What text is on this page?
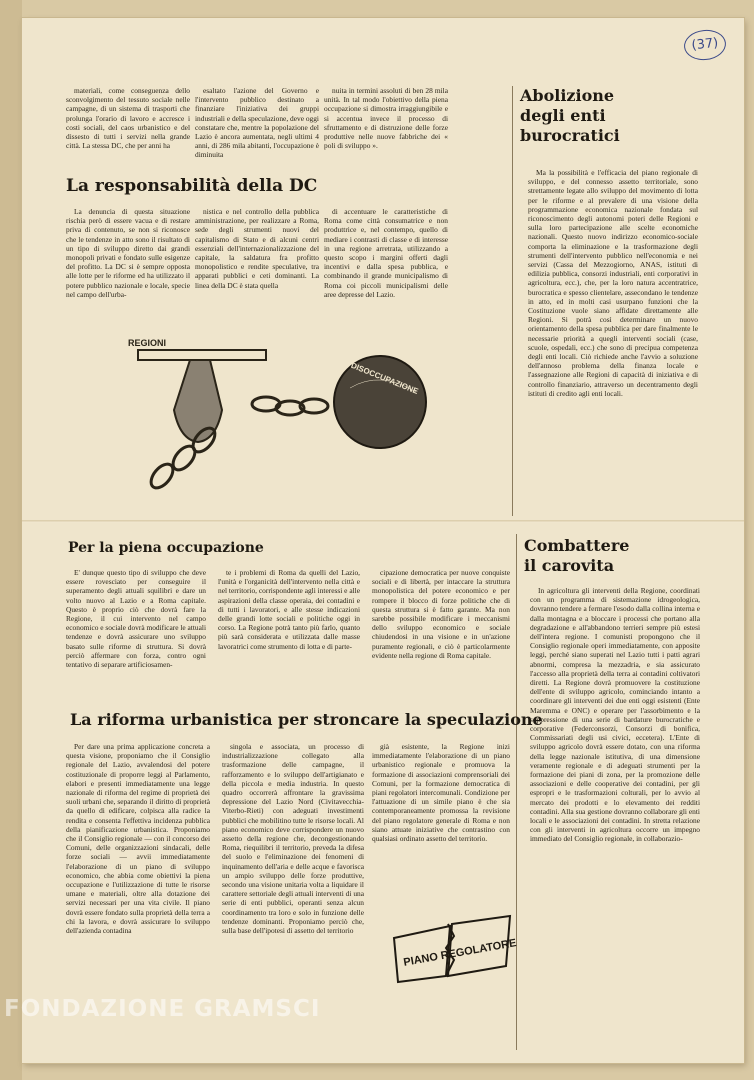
(37)

materiali, come conseguenza dello sconvolgimento del tessuto sociale nelle campagne, di un sistema di trasporti che prolunga l'orario di lavoro e accresce i costi sociali, del caos urbanistico e del dissesto di tutti i servizi nella grande città. La stessa DC, che per anni ha

esaltato l'azione del Governo e l'intervento pubblico destinato a finanziare l'iniziativa dei gruppi industriali e della speculazione, deve oggi constatare che, mentre la popolazione del Lazio è ancora aumentata, negli ultimi 4 anni, di 286 mila abitanti, l'occupazione è diminuita

nuita in termini assoluti di ben 28 mila unità. In tal modo l'obiettivo della piena occupazione si dimostra irraggiungibile e si accentua invece il processo di sfruttamento e di distruzione delle forze produttive nelle nuove fabbriche dei « poli di sviluppo ».

La responsabilità della DC

La denuncia di questa situazione rischia però di essere vacua e di restare priva di contenuto, se non si riconosce che le tendenze in atto sono il risultato di un tipo di sviluppo diretto dai grandi monopoli privati e fondato sulle esigenze del profitto. La DC si è sempre opposta alle lotte per le riforme ed ha utilizzato il potere pubblico nazionale e locale, specie nel campo dell'urba-

nistica e nel controllo della pubblica amministrazione, per realizzare a Roma, sede degli strumenti nuovi del capitalismo di Stato e di alcuni centri essenziali dell'internazionalizzazione del capitale, la saldatura fra profitto monopolistico e rendite speculative, tra apparati pubblici e ceti dominanti. La linea della DC è stata quella

di accentuare le caratteristiche di Roma come città consumatrice e non produttrice e, nel contempo, quello di mediare i contrasti di classe e di interesse in una regione arretrata, utilizzando a questo scopo i margini offerti dagli incentivi e dalla spesa pubblica, e combinando il grande municipalismo di Roma coi piccoli municipalismi delle aree depresse del Lazio.

REGIONI
DISOCCUPAZIONE
Abolizione
degli enti
burocratici

Ma la possibilità e l'efficacia del piano regionale di sviluppo, e del connesso assetto territoriale, sono strettamente legate allo sviluppo del movimento di lotta per le riforme e al prevalere di una visione della programmazione economica nazionale fondata sul riconoscimento degli autonomi poteri delle Regioni e sulla loro partecipazione alle scelte economiche nazionali. Questo nuovo indirizzo economico-sociale comporta la eliminazione e la trasformazione degli strumenti dell'intervento pubblico nell'economia e nei servizi (Cassa del Mezzogiorno, ANAS, istituti di edilizia pubblica, consorzi industriali, enti corporativi in agricoltura, ecc.), che, per la loro natura accentratrice, burocratica e spesso clientelare, assecondano le tendenze in atto, ed in molti casi usurpano funzioni che la Costituzione vuole siano affidate direttamente alle Regioni. Si potrà così determinare un nuovo orientamento della spesa pubblica per dare finalmente le necessarie priorità a quegli interventi sociali (case, scuole, ospedali, ecc.) che sono di precipua competenza degli enti locali. Ciò richiede anche l'avvio a soluzione dell'annoso problema della finanza locale e l'assegnazione alle Regioni di capacità di iniziativa e di controllo finanziario, attraverso un decentramento degli istituti di credito agli enti locali.

Per la piena occupazione

E' dunque questo tipo di sviluppo che deve essere rovesciato per conseguire il superamento degli attuali squilibri e dare un volto nuovo al Lazio e a Roma capitale. Questo è proprio ciò che dovrà fare la Regione, il cui intervento nel campo economico e sociale dovrà modificare le attuali tendenze e dovrà assicurare uno sviluppo basato sulle riforme di struttura. Si dovrà perciò affermare con forza, contro ogni tentativo di separare artificiosamen-

te i problemi di Roma da quelli del Lazio, l'unità e l'organicità dell'intervento nella città e nel territorio, corrispondente agli interessi e alle aspirazioni della classe operaia, dei contadini e di tutti i lavoratori, e alle stesse indicazioni delle grandi lotte sociali e politiche oggi in corso. La Regione potrà tanto più farlo, quanto più sarà considerata e utilizzata dalle masse lavoratrici come strumento di lotta e di parte-

cipazione democratica per nuove conquiste sociali e di libertà, per intaccare la struttura monopolistica del potere economico e per rompere il blocco di forze politiche che di questa struttura si è fatto garante. Ma non sarebbe possibile modificare i meccanismi dello sviluppo economico e sociale chiudendosi in una visione e in un'azione puramente regionali, e ciò è particolarmente evidente nella regione di Roma capitale.

Combattere
il carovita

In agricoltura gli interventi della Regione, coordinati con un programma di sistemazione idrogeologica, dovranno tendere a fermare l'esodo dalla collina interna e dalla montagna e a bloccare i processi che portano alla degradazione e all'abbandono terrieri sempre più estesi dell'intera regione. I comunisti propongono che il Consiglio regionale operi immediatamente, con apposite leggi, perché siano superati nel Lazio tutti i patti agrari abnormi, compresa la mezzadria, e sia assicurato l'accesso alla proprietà della terra ai contadini coltivatori diretti. La Regione dovrà promuovere la costituzione dell'ente di sviluppo agricolo, cominciando intanto a coordinare gli interventi dei due enti oggi esistenti (Ente Maremma e ONC) e operare per l'assorbimento e la soppressione di una serie di bardature burocratiche e corporative (Federconsorzi, Consorzi di bonifica, Commissariati degli usi civici, eccetera). L'Ente di sviluppo agricolo dovrà essere dotato, con una riforma della legge nazionale istitutiva, di una dimensione veramente regionale e di adeguati strumenti per la formazione dei piani di zona, per la promozione delle associazioni e delle cooperative dei contadini, per gli espropri e le trasformazioni colturali, per lo avvio al mercato dei prodotti e lo elevamento dei redditi contadini. Alla sua gestione dovranno collaborare gli enti locali e le associazioni dei contadini. In stretta relazione con gli interventi in agricoltura occorre un impegno immediato del Consiglio regionale, in collaborazio-

La riforma urbanistica per stroncare la speculazione

Per dare una prima applicazione concreta a questa visione, proponiamo che il Consiglio regionale del Lazio, avvalendosi del potere costituzionale di proporre leggi al Parlamento, elabori e presenti immediatamente una legge nazionale di riforma del regime di proprietà dei suoli urbani che, separando il diritto di proprietà da quello di edificare, colpisca alla radice la rendita e consenta l'effettiva incidenza pubblica della pianificazione urbanistica. Proponiamo che il Consiglio regionale — con il concorso dei Comuni, delle organizzazioni sindacali, delle forze sociali — avvii immediatamente l'elaborazione di un piano di sviluppo economico, che abbia come obiettivi la piena occupazione e l'utilizzazione di tutte le risorse umane e materiali, oltre alla dotazione dei servizi necessari per una vita civile. Il piano dovrà essere fondato sulla proprietà della terra a chi la lavora, e dovrà assicurare lo sviluppo dell'azienda contadina

singola e associata, un processo di industrializzazione collegato alla trasformazione delle campagne, il rafforzamento e lo sviluppo dell'artigianato e della piccola e media industria. In questo quadro occorrerà affrontare la gravissima depressione del Lazio Nord (Civitavecchia-Viterbo-Rieti) con adeguati investimenti pubblici che mobilitino tutte le risorse locali. Al piano economico deve corrispondere un nuovo assetto della regione che, decongestionando Roma, riequilibri il territorio, preveda la difesa del suolo e l'eliminazione dei fenomeni di inquinamento dell'aria e delle acque e favorisca un ampio sviluppo delle forze produttive, secondo una visione unitaria volta a liquidare il carattere settoriale degli attuali interventi di una serie di enti pubblici, operanti senza alcun coordinamento tra loro e solo in funzione delle tendenze dominanti. Proponiamo perciò che, sulla base dell'ipotesi di assetto del territorio

già esistente, la Regione inizi immediatamente l'elaborazione di un piano urbanistico regionale e promuova la formazione di associazioni comprensoriali dei Comuni, per la formazione democratica di piani regolatori intercomunali. Condizione per l'attuazione di un simile piano è che sia contemporaneamente promossa la revisione del piano regolatore generale di Roma e non siano attuate iniziative che contrastino con qualsiasi ordinato assetto del territorio.

PIANO REGOLATORE
FONDAZIONE GRAMSCI
